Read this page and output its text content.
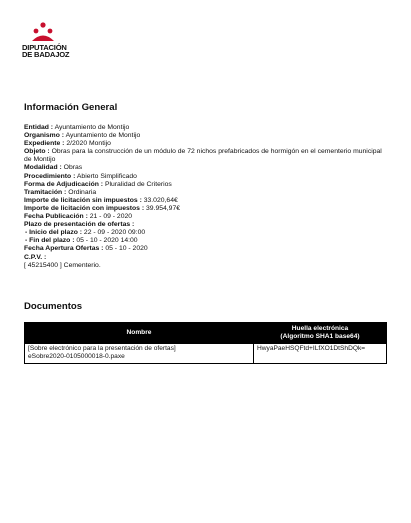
DIPUTACIÓN
DE BADAJOZ
Información General
Entidad : Ayuntamiento de Montijo
Organismo : Ayuntamiento de Montijo
Expediente : 2/2020 Montijo
Objeto : Obras para la construcción de un módulo de 72 nichos prefabricados de hormigón en el cementerio municipal de Montijo
Modalidad : Obras
Procedimiento : Abierto Simplificado
Forma de Adjudicación : Pluralidad de Criterios
Tramitación : Ordinaria
Importe de licitación sin impuestos : 33.020,64€
Importe de licitación con impuestos : 39.954,97€
Fecha Publicación : 21 - 09 - 2020
Plazo de presentación de ofertas :
- Inicio del plazo : 22 - 09 - 2020 09:00
- Fin del plazo : 05 - 10 - 2020 14:00
Fecha Apertura Ofertas : 05 - 10 - 2020
C.P.V. :
[ 45215400 ] Cementerio.
Documentos
Nombre	Huella electrónica
(Algoritmo SHA1 base64)
[Sobre electrónico para la presentación de ofertas]
eSobre2020-0105000018-0.paxe	HwyaPaeHSQFtd+ILfXO1DtShDQk=
